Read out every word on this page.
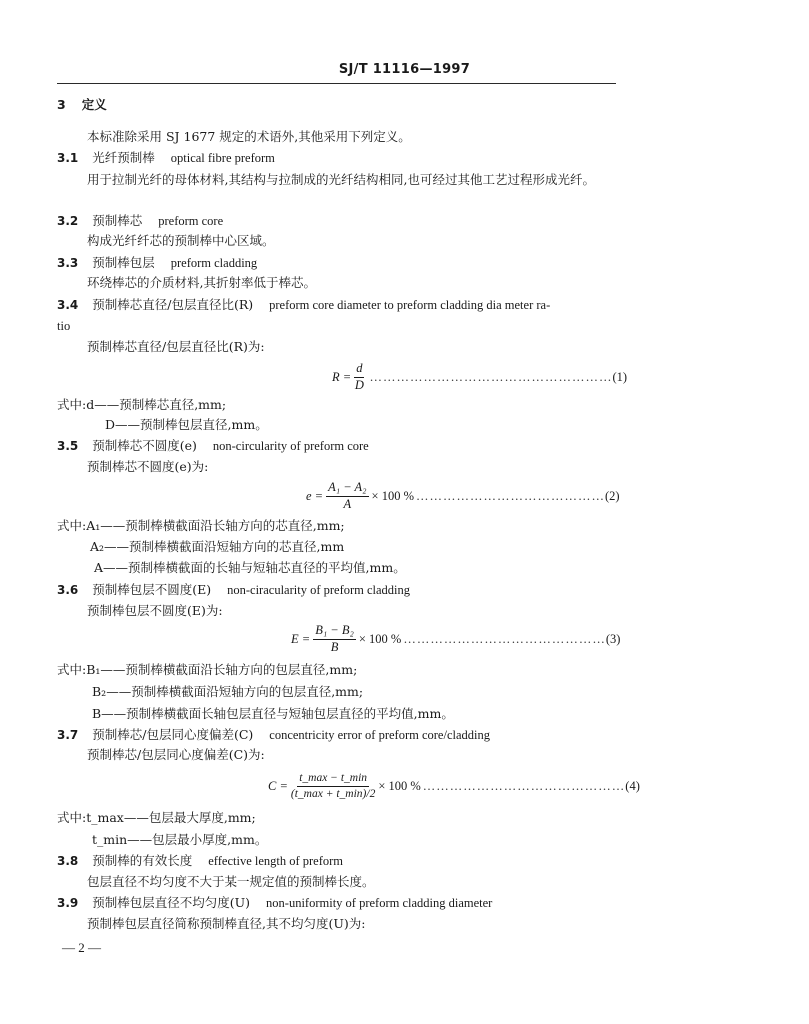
SJ/T 11116—1997
3 定义
本标准除采用 SJ 1677 规定的术语外,其他采用下列定义。
3.1 光纤预制棒 optical fibre preform
用于拉制光纤的母体材料,其结构与拉制成的光纤结构相同,也可经过其他工艺过程形成光纤。
3.2 预制棒芯 preform core
构成光纤纤芯的预制棒中心区域。
3.3 预制棒包层 preform cladding
环绕棒芯的介质材料,其折射率低于棒芯。
3.4 预制棒芯直径/包层直径比(R) preform core diameter to preform cladding dia meter ra-
tio
预制棒芯直径/包层直径比(R)为:
$R = \frac{d}{D}$ ……………………………………………… (1)
式中:d——预制棒芯直径,mm;
D——预制棒包层直径,mm。
3.5 预制棒芯不圆度(e) non-circularity of preform core
预制棒芯不圆度(e)为:
$e = \frac{\text{A₁ − A₂}}{A} \times 100$ % …………………………………… (2)
式中:A₁——预制棒横截面沿长轴方向的芯直径,mm;
A₂——预制棒横截面沿短轴方向的芯直径,mm
A——预制棒横截面的长轴与短轴芯直径的平均值,mm。
3.6 预制棒包层不圆度(E) non-ciracularity of preform cladding
预制棒包层不圆度(E)为:
$E = \frac{\text{B₁ − B₂}}{B} \times 100$ % ……………………………………… (3)
式中:B₁——预制棒横截面沿长轴方向的包层直径,mm;
B₂——预制棒横截面沿短轴方向的包层直径,mm;
B——预制棒横截面长轴包层直径与短轴包层直径的平均值,mm。
3.7 预制棒芯/包层同心度偏差(C) concentricity error of preform core/cladding
预制棒芯/包层同心度偏差(C)为:
$C = \frac{t\_\max - t\_\min}{(t\_\max + t\_\min)/2} \times 100$ % ……………………………………… (4)
式中:t_max——包层最大厚度,mm;
t_min——包层最小厚度,mm。
3.8 预制棒的有效长度 effective length of preform
包层直径不均匀度不大于某一规定值的预制棒长度。
3.9 预制棒包层直径不均匀度(U) non-uniformity of preform cladding diameter
预制棒包层直径简称预制棒直径,其不均匀度(U)为:
— 2 —
